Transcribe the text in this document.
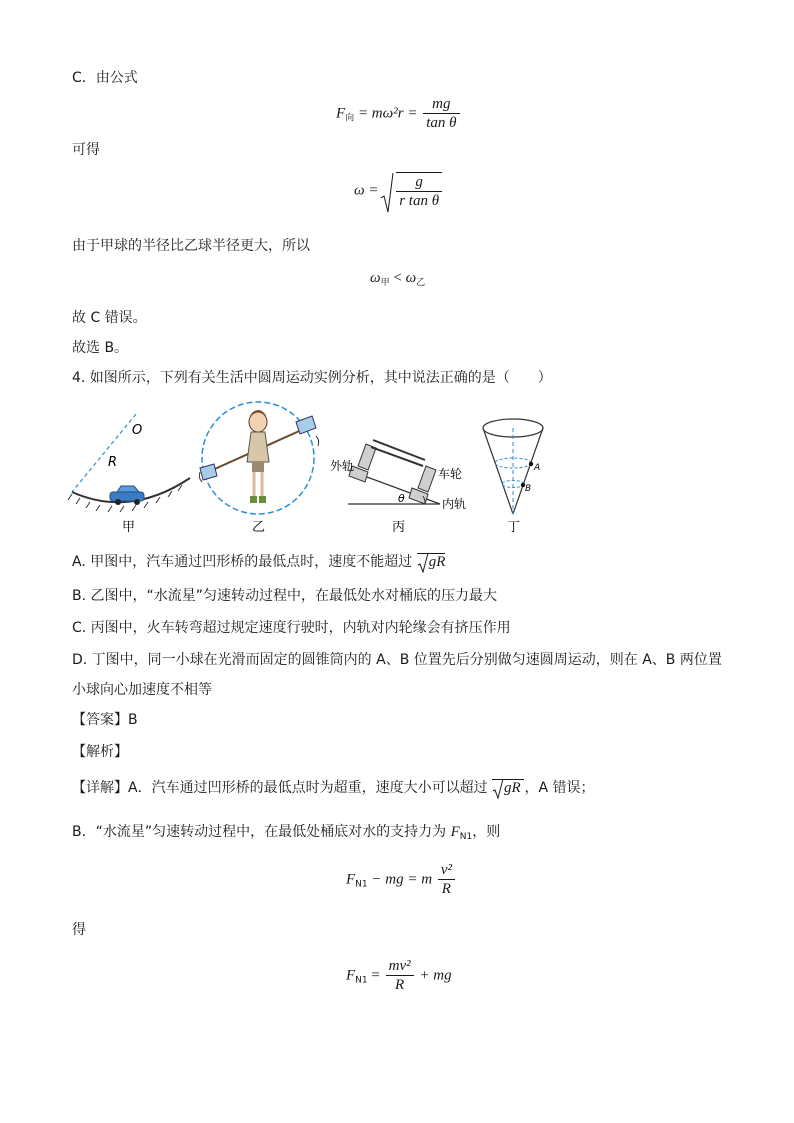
C．由公式
$F_向 = m\omega^2r = \frac{mg}{\text{tan θ}}$
可得
$\omega = \frac{g}{\text{r tan θ}}$
由于甲球的半径比乙球半径更大，所以
$\omega_甲 < \omega_乙$
故 C 错误。
故选 B。
4. 如图所示，下列有关生活中圆周运动实例分析，其中说法正确的是（　　）
O
R
甲	乙
外轨
车轮
内轨
θ
丙
A
B
丁
A. 甲图中，汽车通过凹形桥的最低点时，速度不能超过 gR
B. 乙图中，“水流星”匀速转动过程中，在最低处水对桶底的压力最大
C. 丙图中，火车转弯超过规定速度行驶时，内轨对内轮缘会有挤压作用
D. 丁图中，同一小球在光滑而固定的圆锥筒内的 A、B 位置先后分别做匀速圆周运动，则在 A、B 两位置
小球向心加速度不相等
【答案】B
【解析】
【详解】A．汽车通过凹形桥的最低点时为超重，速度大小可以超过 gR ，A 错误；
B．“水流星”匀速转动过程中，在最低处桶底对水的支持力为 $F_{N1}$，则
$F_{N1}$ − mg = m $\frac{\text{v²}}{R}$
得
$F_{N1} = \frac{\text{mv²}}{R}$ + mg
